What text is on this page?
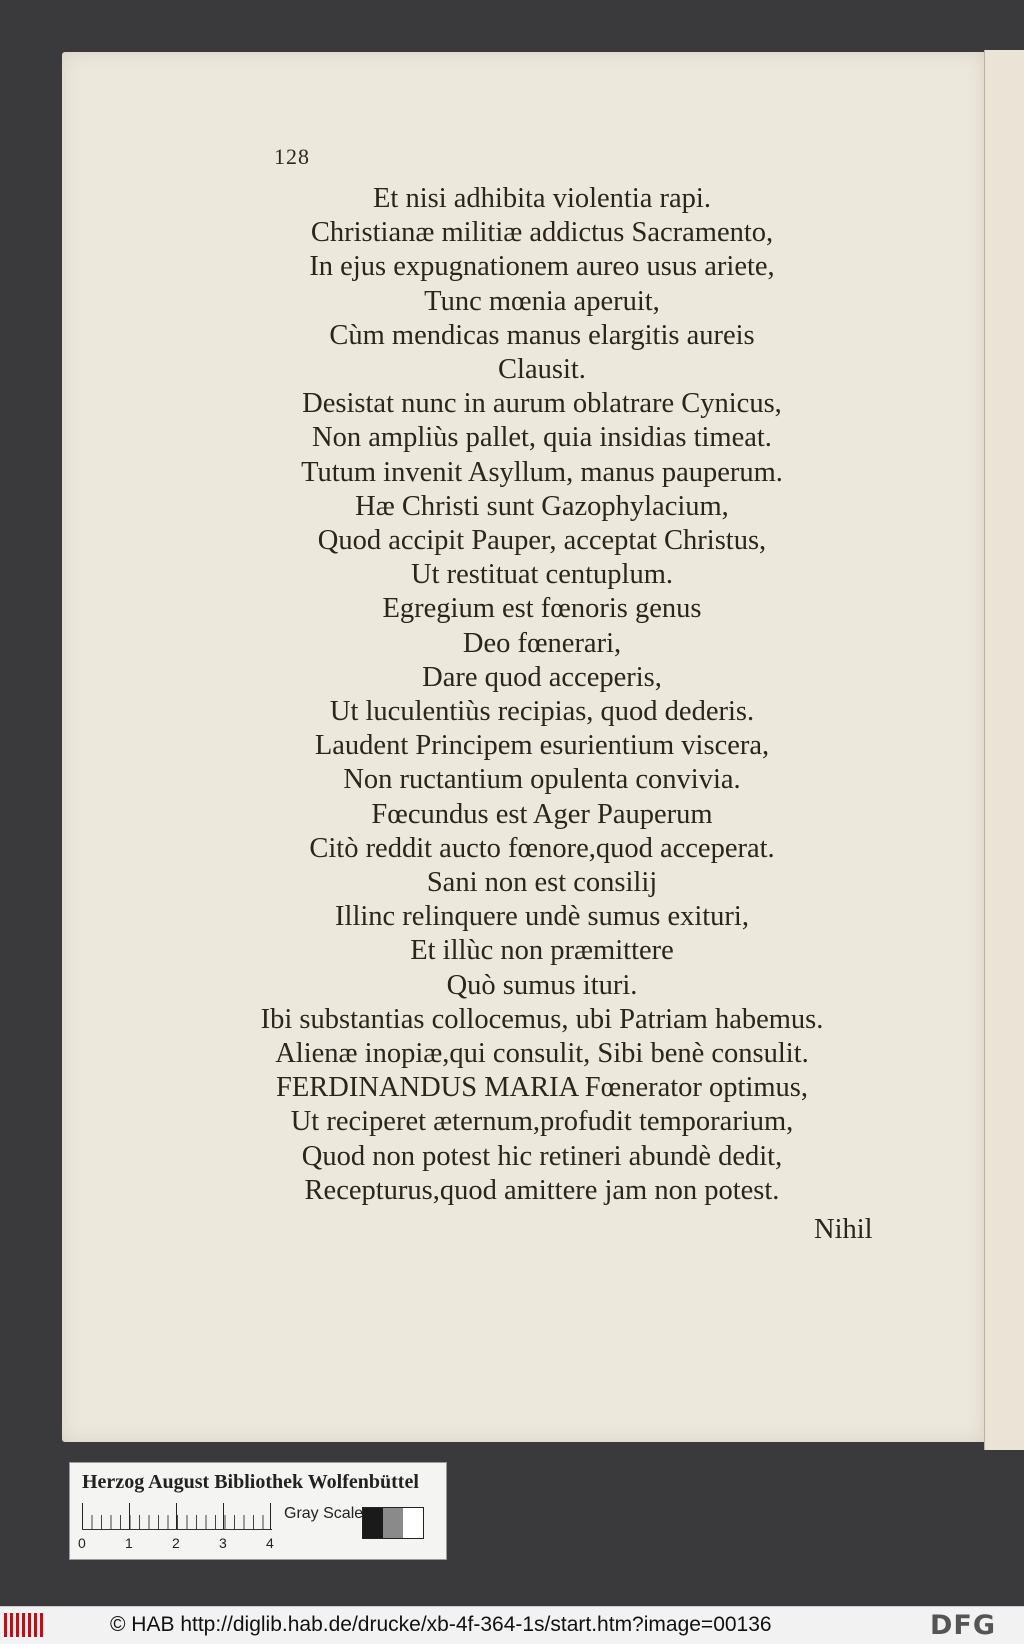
128
Et nisi adhibita violentia rapi.
Christianæ militiæ addictus Sacramento,
In ejus expugnationem aureo usus ariete,
Tunc mœnia aperuit,
Cùm mendicas manus elargitis aureis
Clausit.
Desistat nunc in aurum oblatrare Cynicus,
Non ampliùs pallet, quia insidias timeat.
Tutum invenit Asyllum, manus pauperum.
Hæ Christi sunt Gazophylacium,
Quod accipit Pauper, acceptat Christus,
Ut restituat centuplum.
Egregium est fœnoris genus
Deo fœnerari,
Dare quod acceperis,
Ut luculentiùs recipias, quod dederis.
Laudent Principem esurientium viscera,
Non ructantium opulenta convivia.
Fœcundus est Ager Pauperum
Citò reddit aucto fœnore,quod acceperat.
Sani non est consilij
Illinc relinquere undè sumus exituri,
Et illùc non præmittere
Quò sumus ituri.
Ibi substantias collocemus, ubi Patriam habemus.
Alienæ inopiæ,qui consulit, Sibi benè consulit.
FERDINANDUS MARIA Fœnerator optimus,
Ut reciperet æternum,profudit temporarium,
Quod non potest hic retineri abundè dedit,
Recepturus,quod amittere jam non potest.
Nihil
Herzog August Bibliothek Wolfenbüttel
0	1	2	3	4
Gray Scale
© HAB http://diglib.hab.de/drucke/xb-4f-364-1s/start.htm?image=00136	DFG
